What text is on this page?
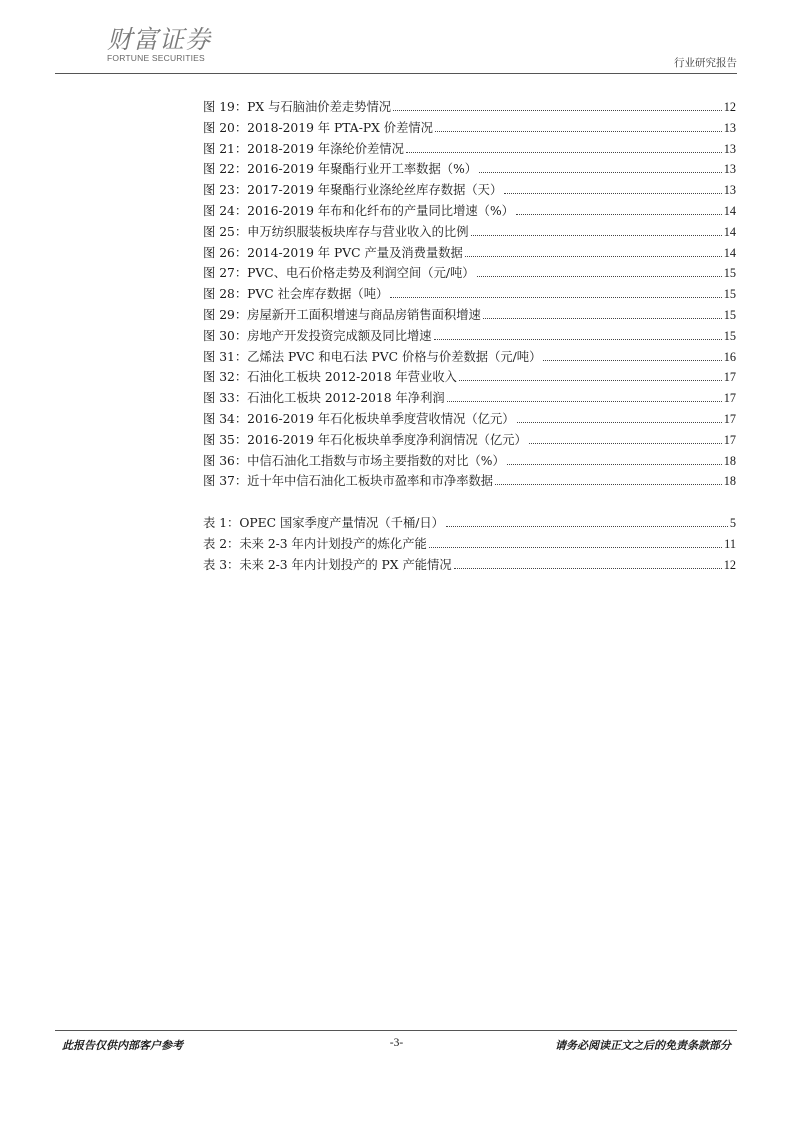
财富证券
FORTUNE SECURITIES	行业研究报告
图 19：PX 与石脑油价差走势情况	12
图 20：2018-2019 年 PTA-PX 价差情况	13
图 21：2018-2019 年涤纶价差情况	13
图 22：2016-2019 年聚酯行业开工率数据（%）	13
图 23：2017-2019 年聚酯行业涤纶丝库存数据（天）	13
图 24：2016-2019 年布和化纤布的产量同比增速（%）	14
图 25：申万纺织服装板块库存与营业收入的比例	14
图 26：2014-2019 年 PVC 产量及消费量数据	14
图 27：PVC、电石价格走势及利润空间（元/吨）	15
图 28：PVC 社会库存数据（吨）	15
图 29：房屋新开工面积增速与商品房销售面积增速	15
图 30：房地产开发投资完成额及同比增速	15
图 31：乙烯法 PVC 和电石法 PVC 价格与价差数据（元/吨）	16
图 32：石油化工板块 2012-2018 年营业收入	17
图 33：石油化工板块 2012-2018 年净利润	17
图 34：2016-2019 年石化板块单季度营收情况（亿元）	17
图 35：2016-2019 年石化板块单季度净利润情况（亿元）	17
图 36：中信石油化工指数与市场主要指数的对比（%）	18
图 37：近十年中信石油化工板块市盈率和市净率数据	18
表 1：OPEC 国家季度产量情况（千桶/日）	5
表 2：未来 2-3 年内计划投产的炼化产能	11
表 3：未来 2-3 年内计划投产的 PX 产能情况	12
此报告仅供内部客户参考	-3-	请务必阅读正文之后的免责条款部分
